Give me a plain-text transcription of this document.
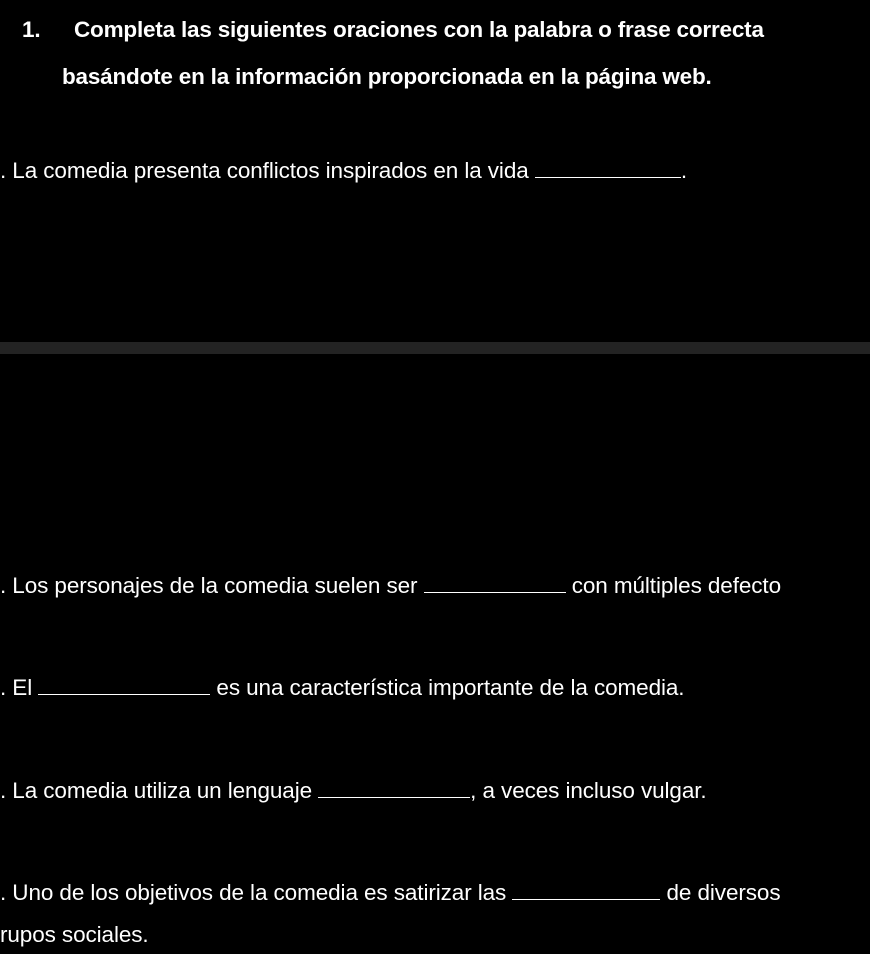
1. Completa las siguientes oraciones con la palabra o frase correcta
basándote en la información proporcionada en la página web.
. La comedia presenta conflictos inspirados en la vida	.
. Los personajes de la comedia suelen ser	con múltiples defecto
. El	es una característica importante de la comedia.
. La comedia utiliza un lenguaje	, a veces incluso vulgar.
. Uno de los objetivos de la comedia es satirizar las	de diversos
rupos sociales.
